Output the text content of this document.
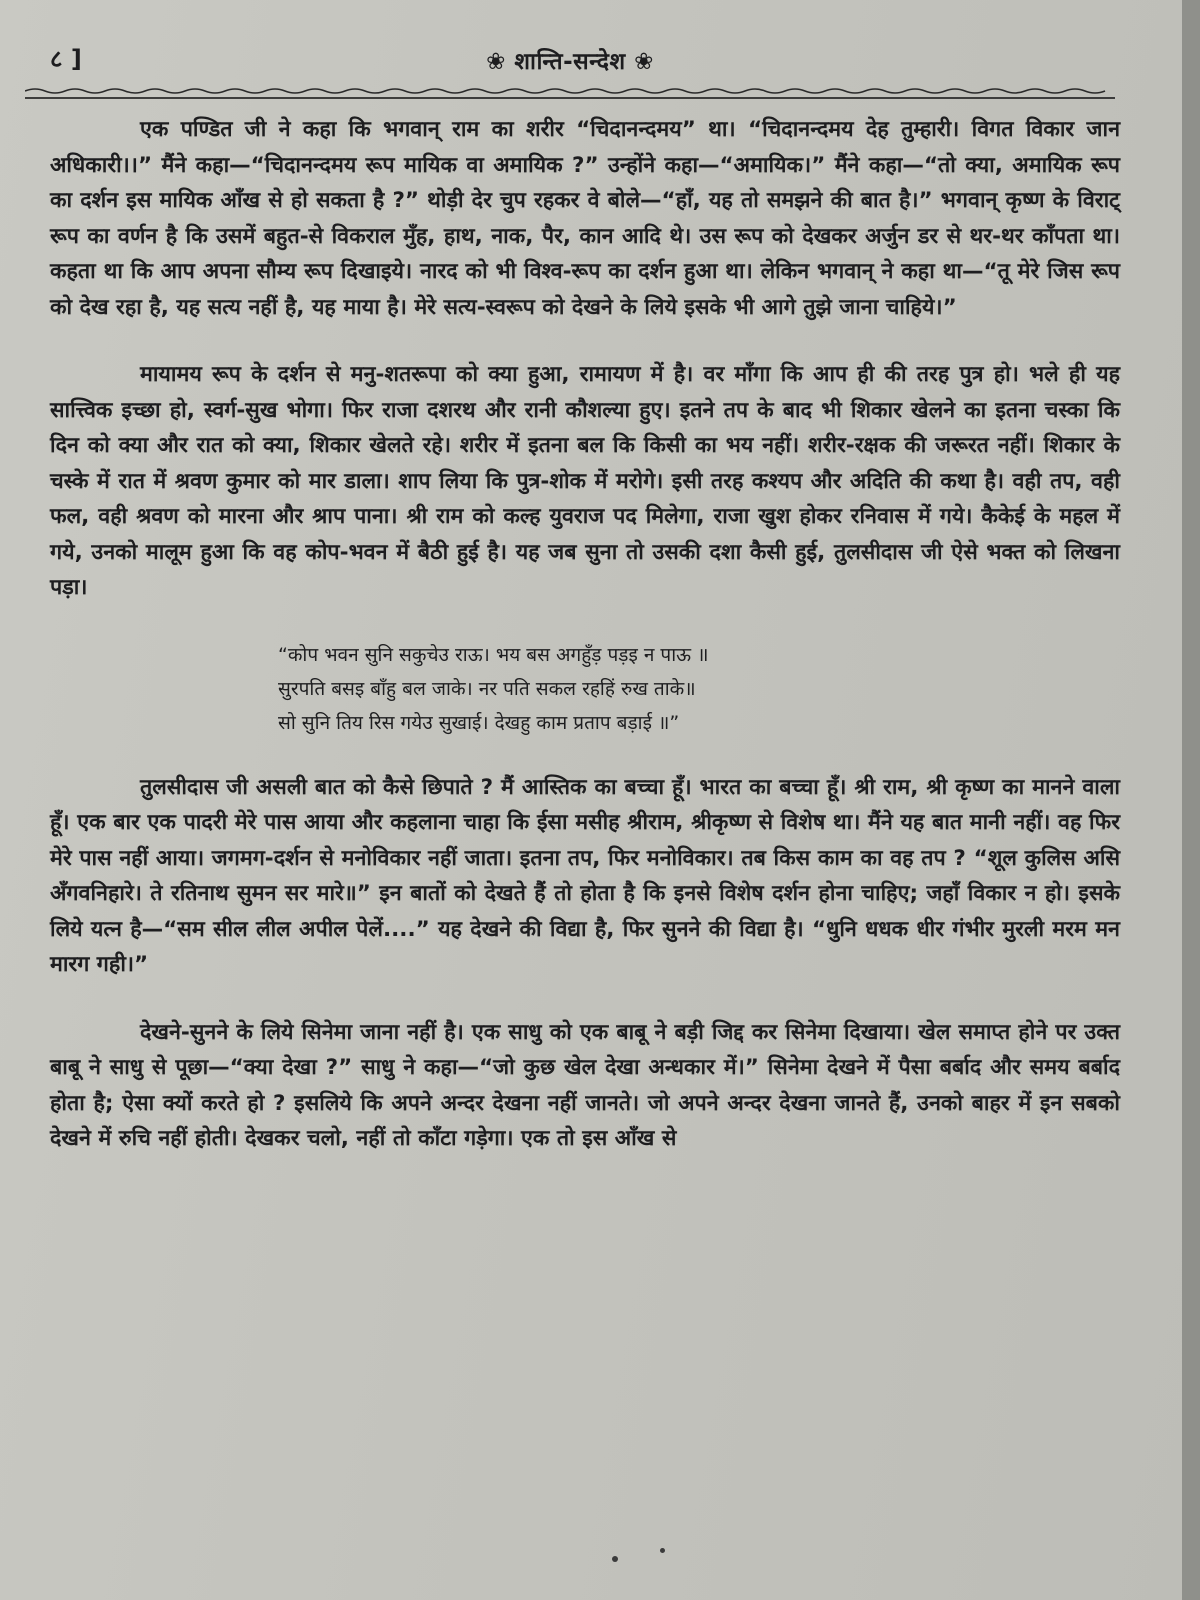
८ ]	❀ शान्ति-सन्देश ❀

एक पण्डित जी ने कहा कि भगवान् राम का शरीर “चिदानन्दमय” था। “चिदानन्दमय देह तुम्हारी। विगत विकार जान अधिकारी।।” मैंने कहा—“चिदानन्दमय रूप मायिक वा अमायिक ?” उन्होंने कहा—“अमायिक।” मैंने कहा—“तो क्या, अमायिक रूप का दर्शन इस मायिक आँख से हो सकता है ?” थोड़ी देर चुप रहकर वे बोले—“हाँ, यह तो समझने की बात है।” भगवान् कृष्ण के विराट् रूप का वर्णन है कि उसमें बहुत-से विकराल मुँह, हाथ, नाक, पैर, कान आदि थे। उस रूप को देखकर अर्जुन डर से थर-थर काँपता था। कहता था कि आप अपना सौम्य रूप दिखाइये। नारद को भी विश्व-रूप का दर्शन हुआ था। लेकिन भगवान् ने कहा था—“तू मेरे जिस रूप को देख रहा है, यह सत्य नहीं है, यह माया है। मेरे सत्य-स्वरूप को देखने के लिये इसके भी आगे तुझे जाना चाहिये।”

मायामय रूप के दर्शन से मनु-शतरूपा को क्या हुआ, रामायण में है। वर माँगा कि आप ही की तरह पुत्र हो। भले ही यह सात्त्विक इच्छा हो, स्वर्ग-सुख भोगा। फिर राजा दशरथ और रानी कौशल्या हुए। इतने तप के बाद भी शिकार खेलने का इतना चस्का कि दिन को क्या और रात को क्या, शिकार खेलते रहे। शरीर में इतना बल कि किसी का भय नहीं। शरीर-रक्षक की जरूरत नहीं। शिकार के चस्के में रात में श्रवण कुमार को मार डाला। शाप लिया कि पुत्र-शोक में मरोगे। इसी तरह कश्यप और अदिति की कथा है। वही तप, वही फल, वही श्रवण को मारना और श्राप पाना। श्री राम को कल्ह युवराज पद मिलेगा, राजा खुश होकर रनिवास में गये। कैकेई के महल में गये, उनको मालूम हुआ कि वह कोप-भवन में बैठी हुई है। यह जब सुना तो उसकी दशा कैसी हुई, तुलसीदास जी ऐसे भक्त को लिखना पड़ा।

“कोप भवन सुनि सकुचेउ राऊ। भय बस अगहुँड़ पड़इ न पाऊ ॥
सुरपति बसइ बाँहु बल जाके। नर पति सकल रहहिं रुख ताके॥
सो सुनि तिय रिस गयेउ सुखाई। देखहु काम प्रताप बड़ाई ॥”

तुलसीदास जी असली बात को कैसे छिपाते ? मैं आस्तिक का बच्चा हूँ। भारत का बच्चा हूँ। श्री राम, श्री कृष्ण का मानने वाला हूँ। एक बार एक पादरी मेरे पास आया और कहलाना चाहा कि ईसा मसीह श्रीराम, श्रीकृष्ण से विशेष था। मैंने यह बात मानी नहीं। वह फिर मेरे पास नहीं आया। जगमग-दर्शन से मनोविकार नहीं जाता। इतना तप, फिर मनोविकार। तब किस काम का वह तप ? “शूल कुलिस असि अँगवनिहारे। ते रतिनाथ सुमन सर मारे॥” इन बातों को देखते हैं तो होता है कि इनसे विशेष दर्शन होना चाहिए; जहाँ विकार न हो। इसके लिये यत्न है—“सम सील लील अपील पेलें....” यह देखने की विद्या है, फिर सुनने की विद्या है। “धुनि धधक धीर गंभीर मुरली मरम मन मारग गही।”

देखने-सुनने के लिये सिनेमा जाना नहीं है। एक साधु को एक बाबू ने बड़ी जिद्द कर सिनेमा दिखाया। खेल समाप्त होने पर उक्त बाबू ने साधु से पूछा—“क्या देखा ?” साधु ने कहा—“जो कुछ खेल देखा अन्धकार में।” सिनेमा देखने में पैसा बर्बाद और समय बर्बाद होता है; ऐसा क्यों करते हो ? इसलिये कि अपने अन्दर देखना नहीं जानते। जो अपने अन्दर देखना जानते हैं, उनको बाहर में इन सबको देखने में रुचि नहीं होती। देखकर चलो, नहीं तो काँटा गड़ेगा। एक तो इस आँख से
